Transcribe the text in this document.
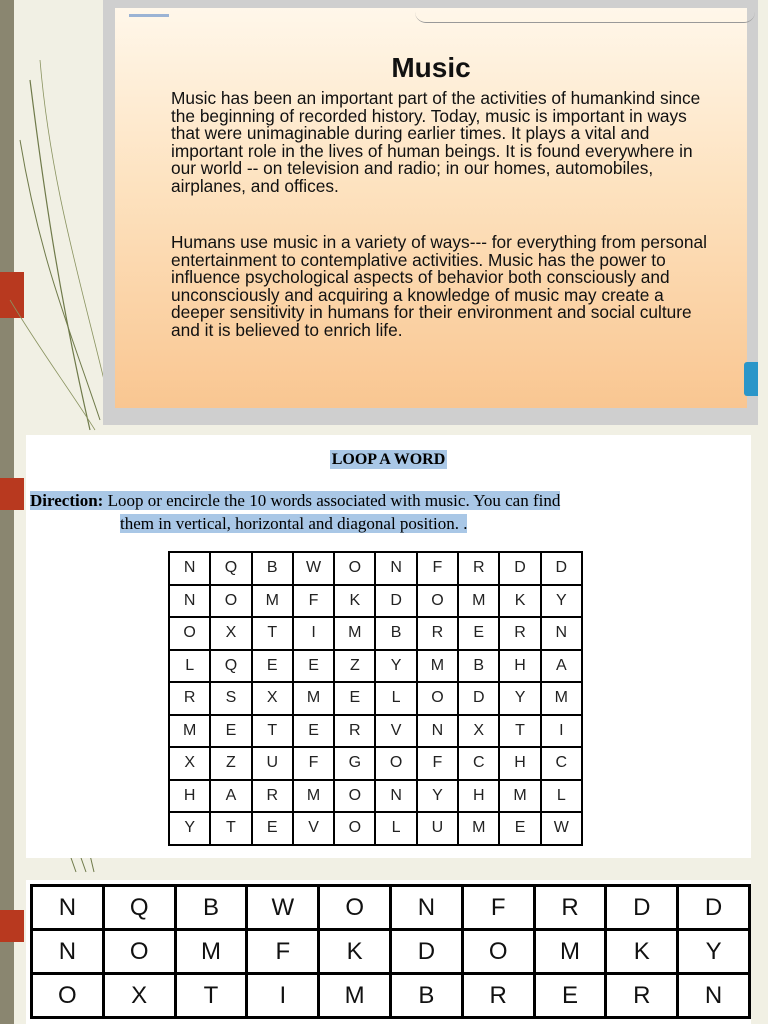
Music

Music has been an important part of the activities of humankind since the beginning of recorded history. Today, music is important in ways that were unimaginable during earlier times. It plays a vital and important role in the lives of human beings. It is found everywhere in our world -- on television and radio; in our homes, automobiles, airplanes, and offices.

Humans use music in a variety of ways--- for everything from personal entertainment to contemplative activities. Music has the power to influence psychological aspects of behavior both consciously and unconsciously and acquiring a knowledge of music may create a deeper sensitivity in humans for their environment and social culture and it is believed to enrich life.

LOOP A WORD

Direction: Loop or encircle the 10 words associated with music. You can find
them in vertical, horizontal and diagonal position. .

N	Q	B	W	O	N	F	R	D	D
N	O	M	F	K	D	O	M	K	Y
O	X	T	I	M	B	R	E	R	N
L	Q	E	E	Z	Y	M	B	H	A
R	S	X	M	E	L	O	D	Y	M
M	E	T	E	R	V	N	X	T	I
X	Z	U	F	G	O	F	C	H	C
H	A	R	M	O	N	Y	H	M	L
Y	T	E	V	O	L	U	M	E	W
N	Q	B	W	O	N	F	R	D	D
N	O	M	F	K	D	O	M	K	Y
O	X	T	I	M	B	R	E	R	N
